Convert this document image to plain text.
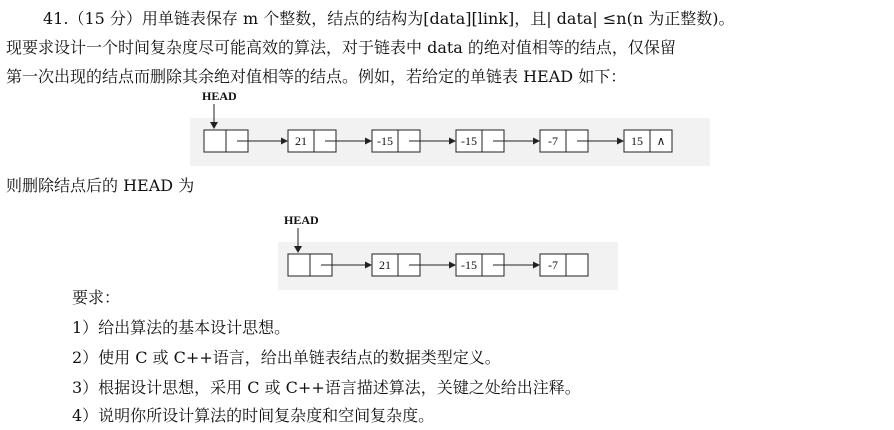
41.（15 分）用单链表保存 m 个整数，结点的结构为[data][link]，且| data| ≤n(n 为正整数)。
现要求设计一个时间复杂度尽可能高效的算法，对于链表中 data 的绝对值相等的结点，仅保留
第一次出现的结点而删除其余绝对值相等的结点。例如，若给定的单链表 HEAD 如下：
HEAD
21	-15	-15	-7	15 ∧
则删除结点后的 HEAD 为
HEAD
21	-15	-7
要求：
1）给出算法的基本设计思想。
2）使用 C 或 C++语言，给出单链表结点的数据类型定义。
3）根据设计思想，采用 C 或 C++语言描述算法，关键之处给出注释。
4）说明你所设计算法的时间复杂度和空间复杂度。
